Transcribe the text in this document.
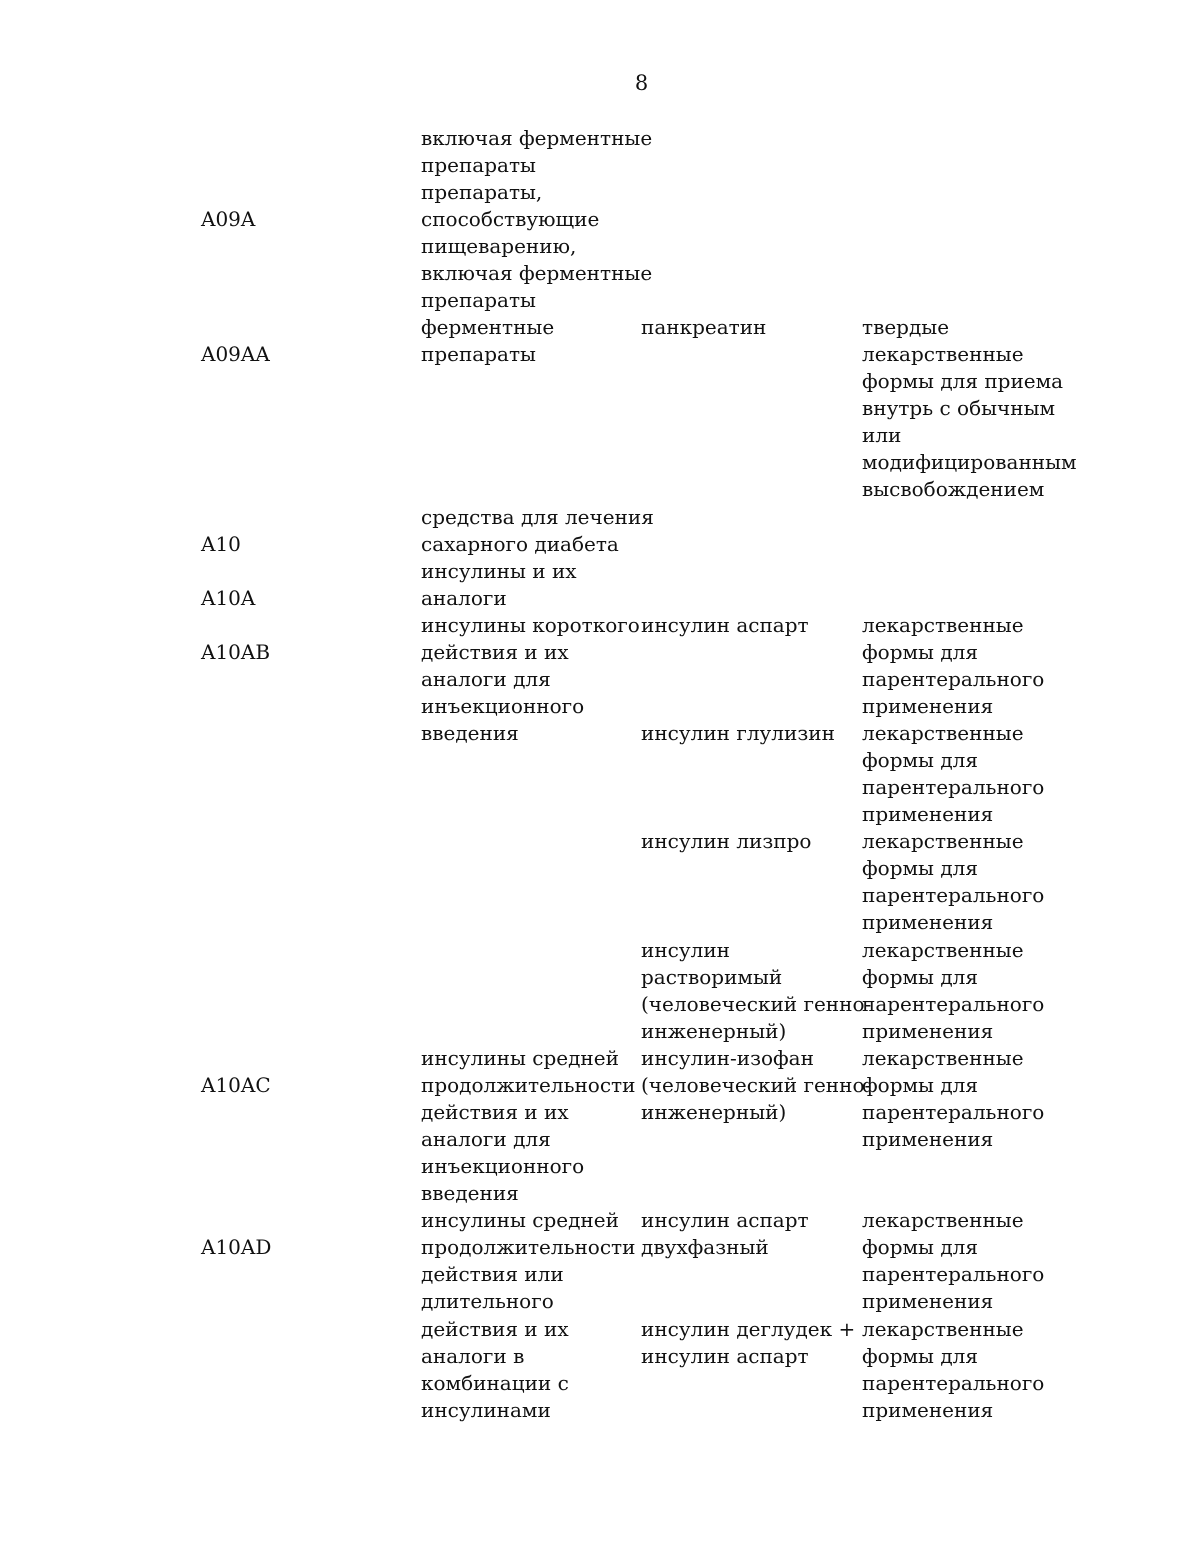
8
A09A
A09AA
A10
A10A
A10AB
A10AC
A10AD
включая ферментные
препараты
препараты,
способствующие
пищеварению,
включая ферментные
препараты
ферментные
препараты
средства для лечения
сахарного диабета
инсулины и их
аналоги
инсулины короткого
действия и их
аналоги для
инъекционного
введения
инсулины средней
продолжительности
действия и их
аналоги для
инъекционного
введения
инсулины средней
продолжительности
действия или
длительного
действия и их
аналоги в
комбинации с
инсулинами
панкреатин
инсулин аспарт
инсулин глулизин
инсулин лизпро
инсулин
растворимый
(человеческий генно-
инженерный)
инсулин-изофан
(человеческий генно-
инженерный)
инсулин аспарт
двухфазный
инсулин деглудек +
инсулин аспарт
твердые
лекарственные
формы для приема
внутрь с обычным
или
модифицированным
высвобождением
лекарственные
формы для
парентерального
применения
лекарственные
формы для
парентерального
применения
лекарственные
формы для
парентерального
применения
лекарственные
формы для
парентерального
применения
лекарственные
формы для
парентерального
применения
лекарственные
формы для
парентерального
применения
лекарственные
формы для
парентерального
применения
